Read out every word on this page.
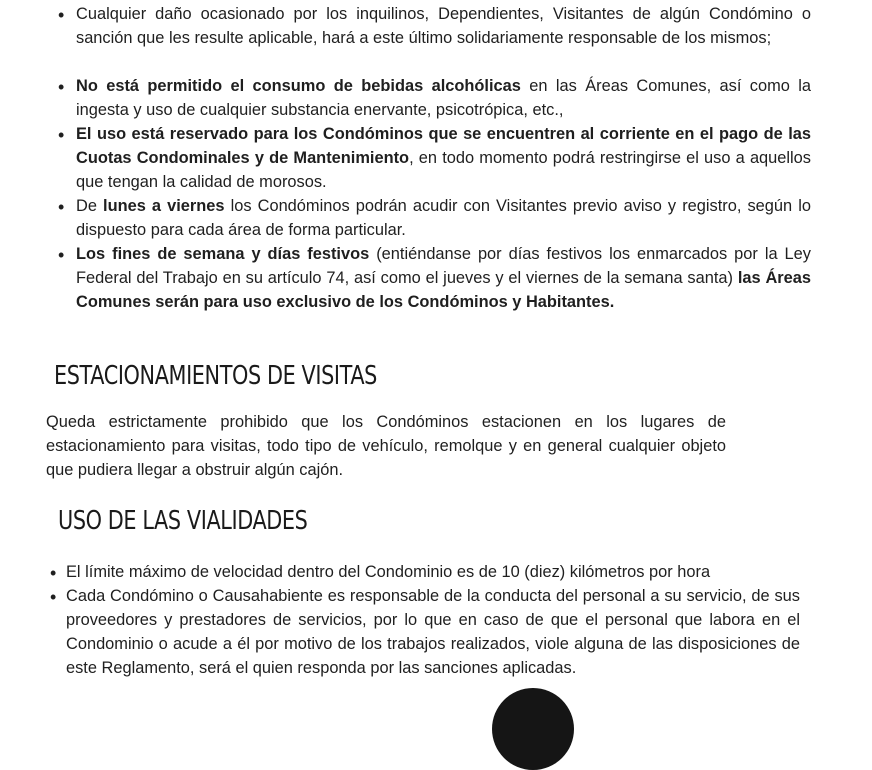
• Cualquier daño ocasionado por los inquilinos, Dependientes, Visitantes de algún Condómino o sanción que les resulte aplicable, hará a este último solidariamente responsable de los mismos;
• No está permitido el consumo de bebidas alcohólicas en las Áreas Comunes, así como la ingesta y uso de cualquier substancia enervante, psicotrópica, etc.,
• El uso está reservado para los Condóminos que se encuentren al corriente en el pago de las Cuotas Condominales y de Mantenimiento, en todo momento podrá restringirse el uso a aquellos que tengan la calidad de morosos.
• De lunes a viernes los Condóminos podrán acudir con Visitantes previo aviso y registro, según lo dispuesto para cada área de forma particular.
• Los fines de semana y días festivos (entiéndanse por días festivos los enmarcados por la Ley Federal del Trabajo en su artículo 74, así como el jueves y el viernes de la semana santa) las Áreas Comunes serán para uso exclusivo de los Condóminos y Habitantes.
ESTACIONAMIENTOS DE VISITAS
Queda estrictamente prohibido que los Condóminos estacionen en los lugares de estacionamiento para visitas, todo tipo de vehículo, remolque y en general cualquier objeto que pudiera llegar a obstruir algún cajón.
USO DE LAS VIALIDADES
• El límite máximo de velocidad dentro del Condominio es de 10 (diez) kilómetros por hora
• Cada Condómino o Causahabiente es responsable de la conducta del personal a su servicio, de sus proveedores y prestadores de servicios, por lo que en caso de que el personal que labora en el Condominio o acude a él por motivo de los trabajos realizados, viole alguna de las disposiciones de este Reglamento, será el quien responda por las sanciones aplicadas.
